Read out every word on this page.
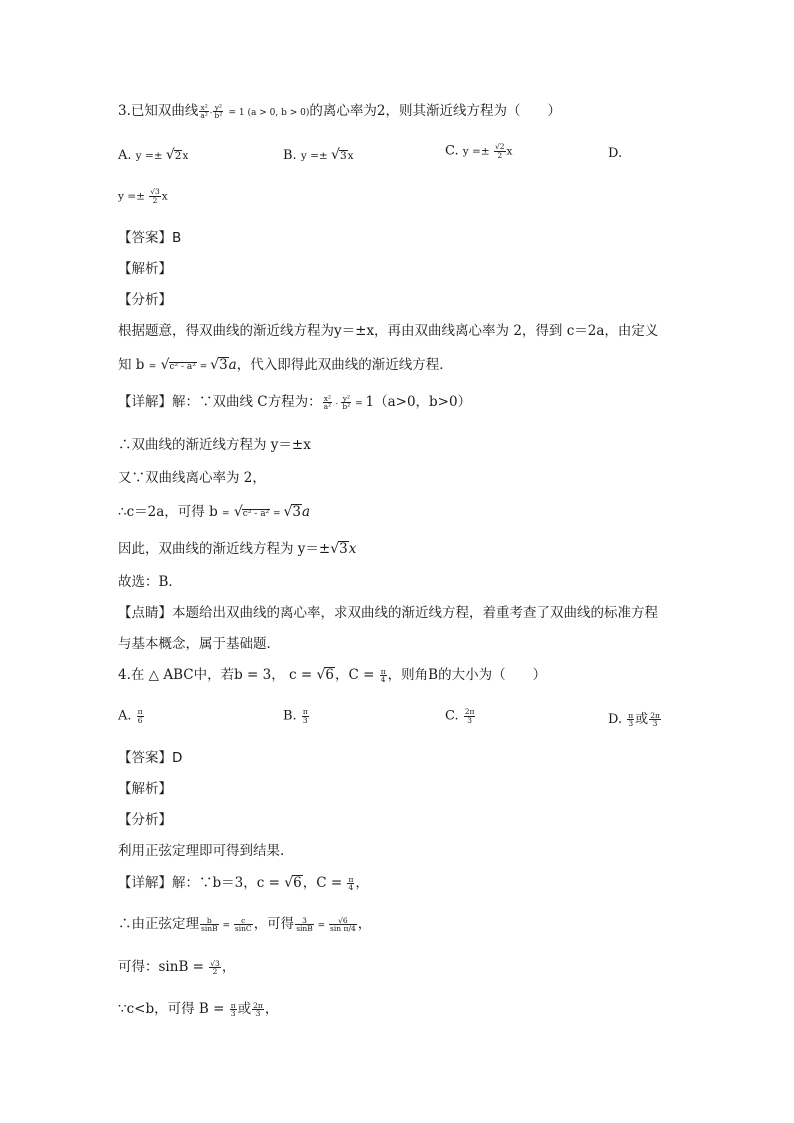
3.已知双曲线 $\frac{\text{x²}}{\text{a²}} - \frac{\text{y²}}{\text{b²}} = 1$ (a > 0, b > 0)的离心率为2，则其渐近线方程为（　　）
A. y =± √2x	B. y =± √3x	C. $y =\pm \frac{√2}{2}$ x	D.
$y =\pm \frac{√3}{2}$ x
【答案】B
【解析】
【分析】
根据题意，得双曲线的渐近线方程为y＝±x，再由双曲线离心率为 2，得到 c＝2a，由定义
知 b = √c² - a² = √3a，代入即得此双曲线的渐近线方程．
【详解】解：∵双曲线 C方程为： $\frac{\text{x²}}{\text{a²}} - \frac{\text{y²}}{\text{b²}} = 1(a>0$，b>0）
∴双曲线的渐近线方程为 y＝±x
又∵双曲线离心率为 2，
∴c＝2a，可得 b = √c² - a² = √3a
因此，双曲线的渐近线方程为 y＝±√3x
故选：B．
【点睛】本题给出双曲线的离心率，求双曲线的渐近线方程，着重考查了双曲线的标准方程
与基本概念，属于基础题．
4.在 △ ABC中，若b = 3， c = √6，$C = \frac{\pi}{4}$ ，则角B的大小为（　　）
A. $\frac{\pi}{6}$	B. $\frac{\pi}{3}$	C. $\frac{2\pi}{3}$	D. $\frac{\pi}{3}$ 或 $\frac{2\pi}{3}$
【答案】D
【解析】
【分析】
利用正弦定理即可得到结果.
【详解】解：∵b＝3，c = √6，$C = \frac{\pi}{4}$ ，
∴由正弦定理 $\frac{b}{\sin B} = \frac{c}{\sin C}$ ，可得 $\frac{3}{\sin B} = \frac{√6}{\text{sin π/4}}$ ，
可得：$\sin B = \frac{√3}{2}$ ，
∵c<b，可得 $B = \frac{\pi}{3}$ 或 $\frac{2\pi}{3}$ ，
